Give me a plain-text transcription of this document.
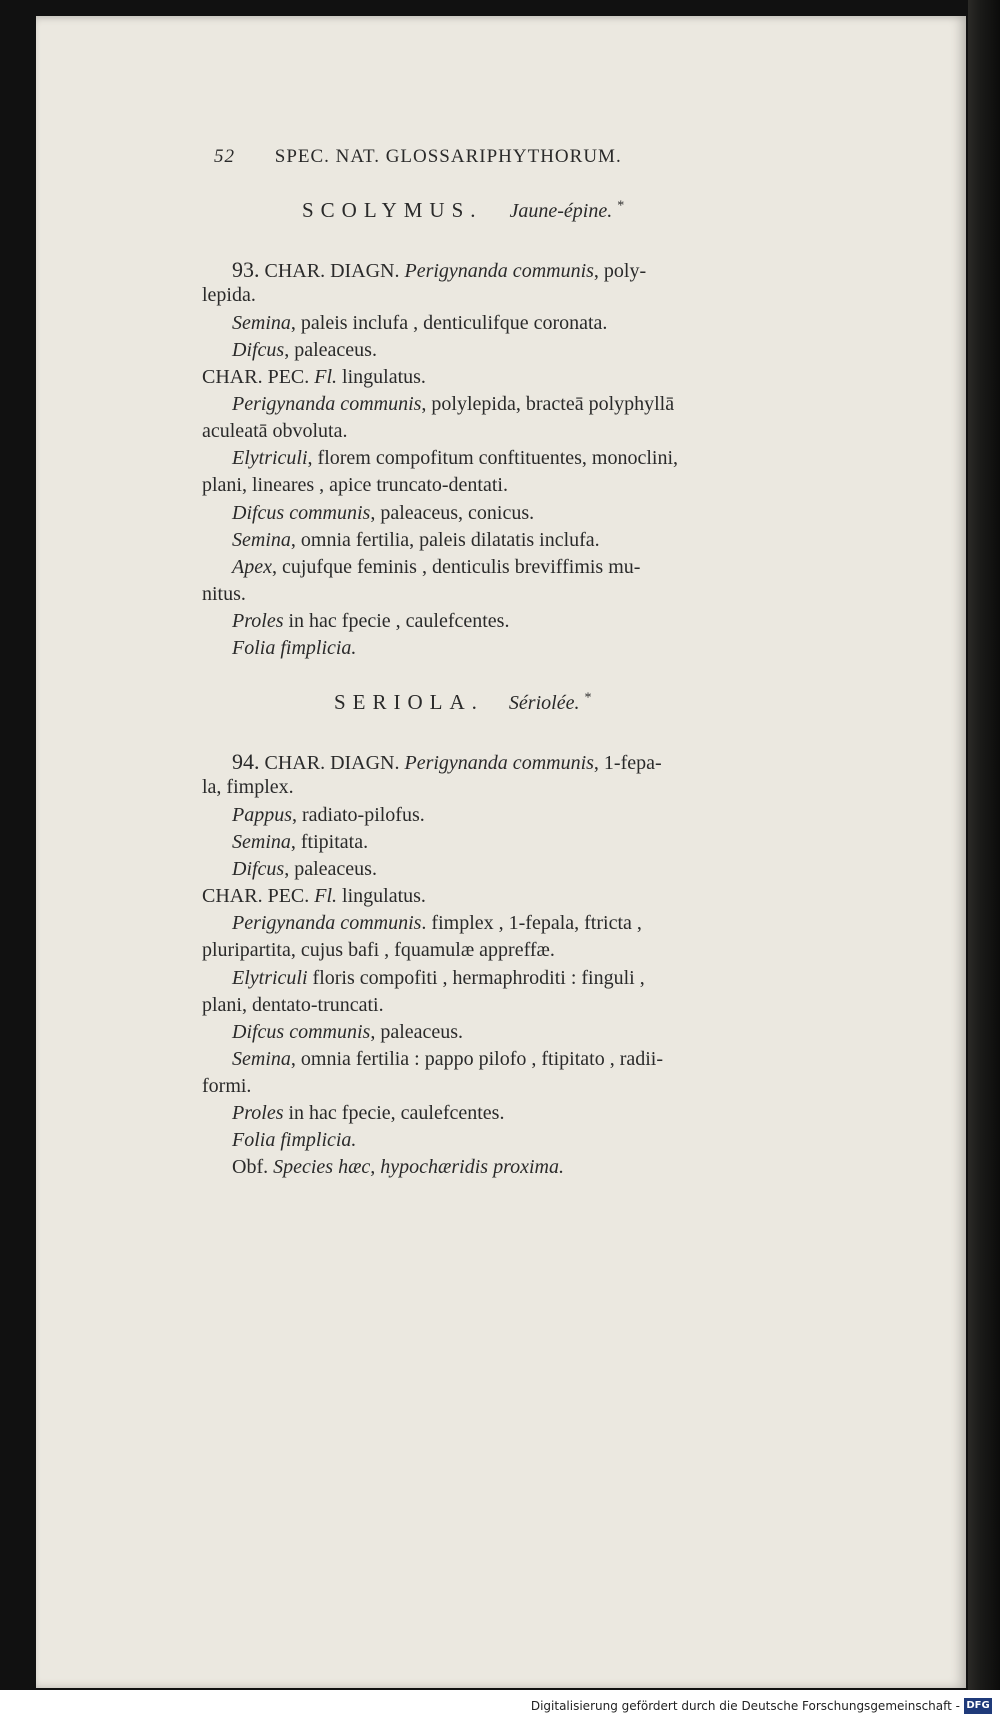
52 SPEC. NAT. GLOSSARIPHYTHORUM.
SCOLYMUS. Jaune-épine. *
93. CHAR. DIAGN. Perigynanda communis, poly-
lepida.
Semina, paleis inclufa , denticulifque coronata.
Difcus, paleaceus.
CHAR. PEC. Fl. lingulatus.
Perigynanda communis, polylepida, bracteā polyphyllā
aculeatā obvoluta.
Elytriculi, florem compofitum conftituentes, monoclini,
plani, lineares , apice truncato-dentati.
Difcus communis, paleaceus, conicus.
Semina, omnia fertilia, paleis dilatatis inclufa.
Apex, cujufque feminis , denticulis breviffimis mu-
nitus.
Proles in hac fpecie , caulefcentes.
Folia fimplicia.
SERIOLA. Sériolée. *
94. CHAR. DIAGN. Perigynanda communis, 1-fepa-
la, fimplex.
Pappus, radiato-pilofus.
Semina, ftipitata.
Difcus, paleaceus.
CHAR. PEC. Fl. lingulatus.
Perigynanda communis. fimplex , 1-fepala, ftricta ,
pluripartita, cujus bafi , fquamulæ appreffæ.
Elytriculi floris compofiti , hermaphroditi : finguli ,
plani, dentato-truncati.
Difcus communis, paleaceus.
Semina, omnia fertilia : pappo pilofo , ftipitato , radii-
formi.
Proles in hac fpecie, caulefcentes.
Folia fimplicia.
Obf. Species hæc, hypochæridis proxima.
Digitalisierung gefördert durch die Deutsche Forschungsgemeinschaft - DFG
